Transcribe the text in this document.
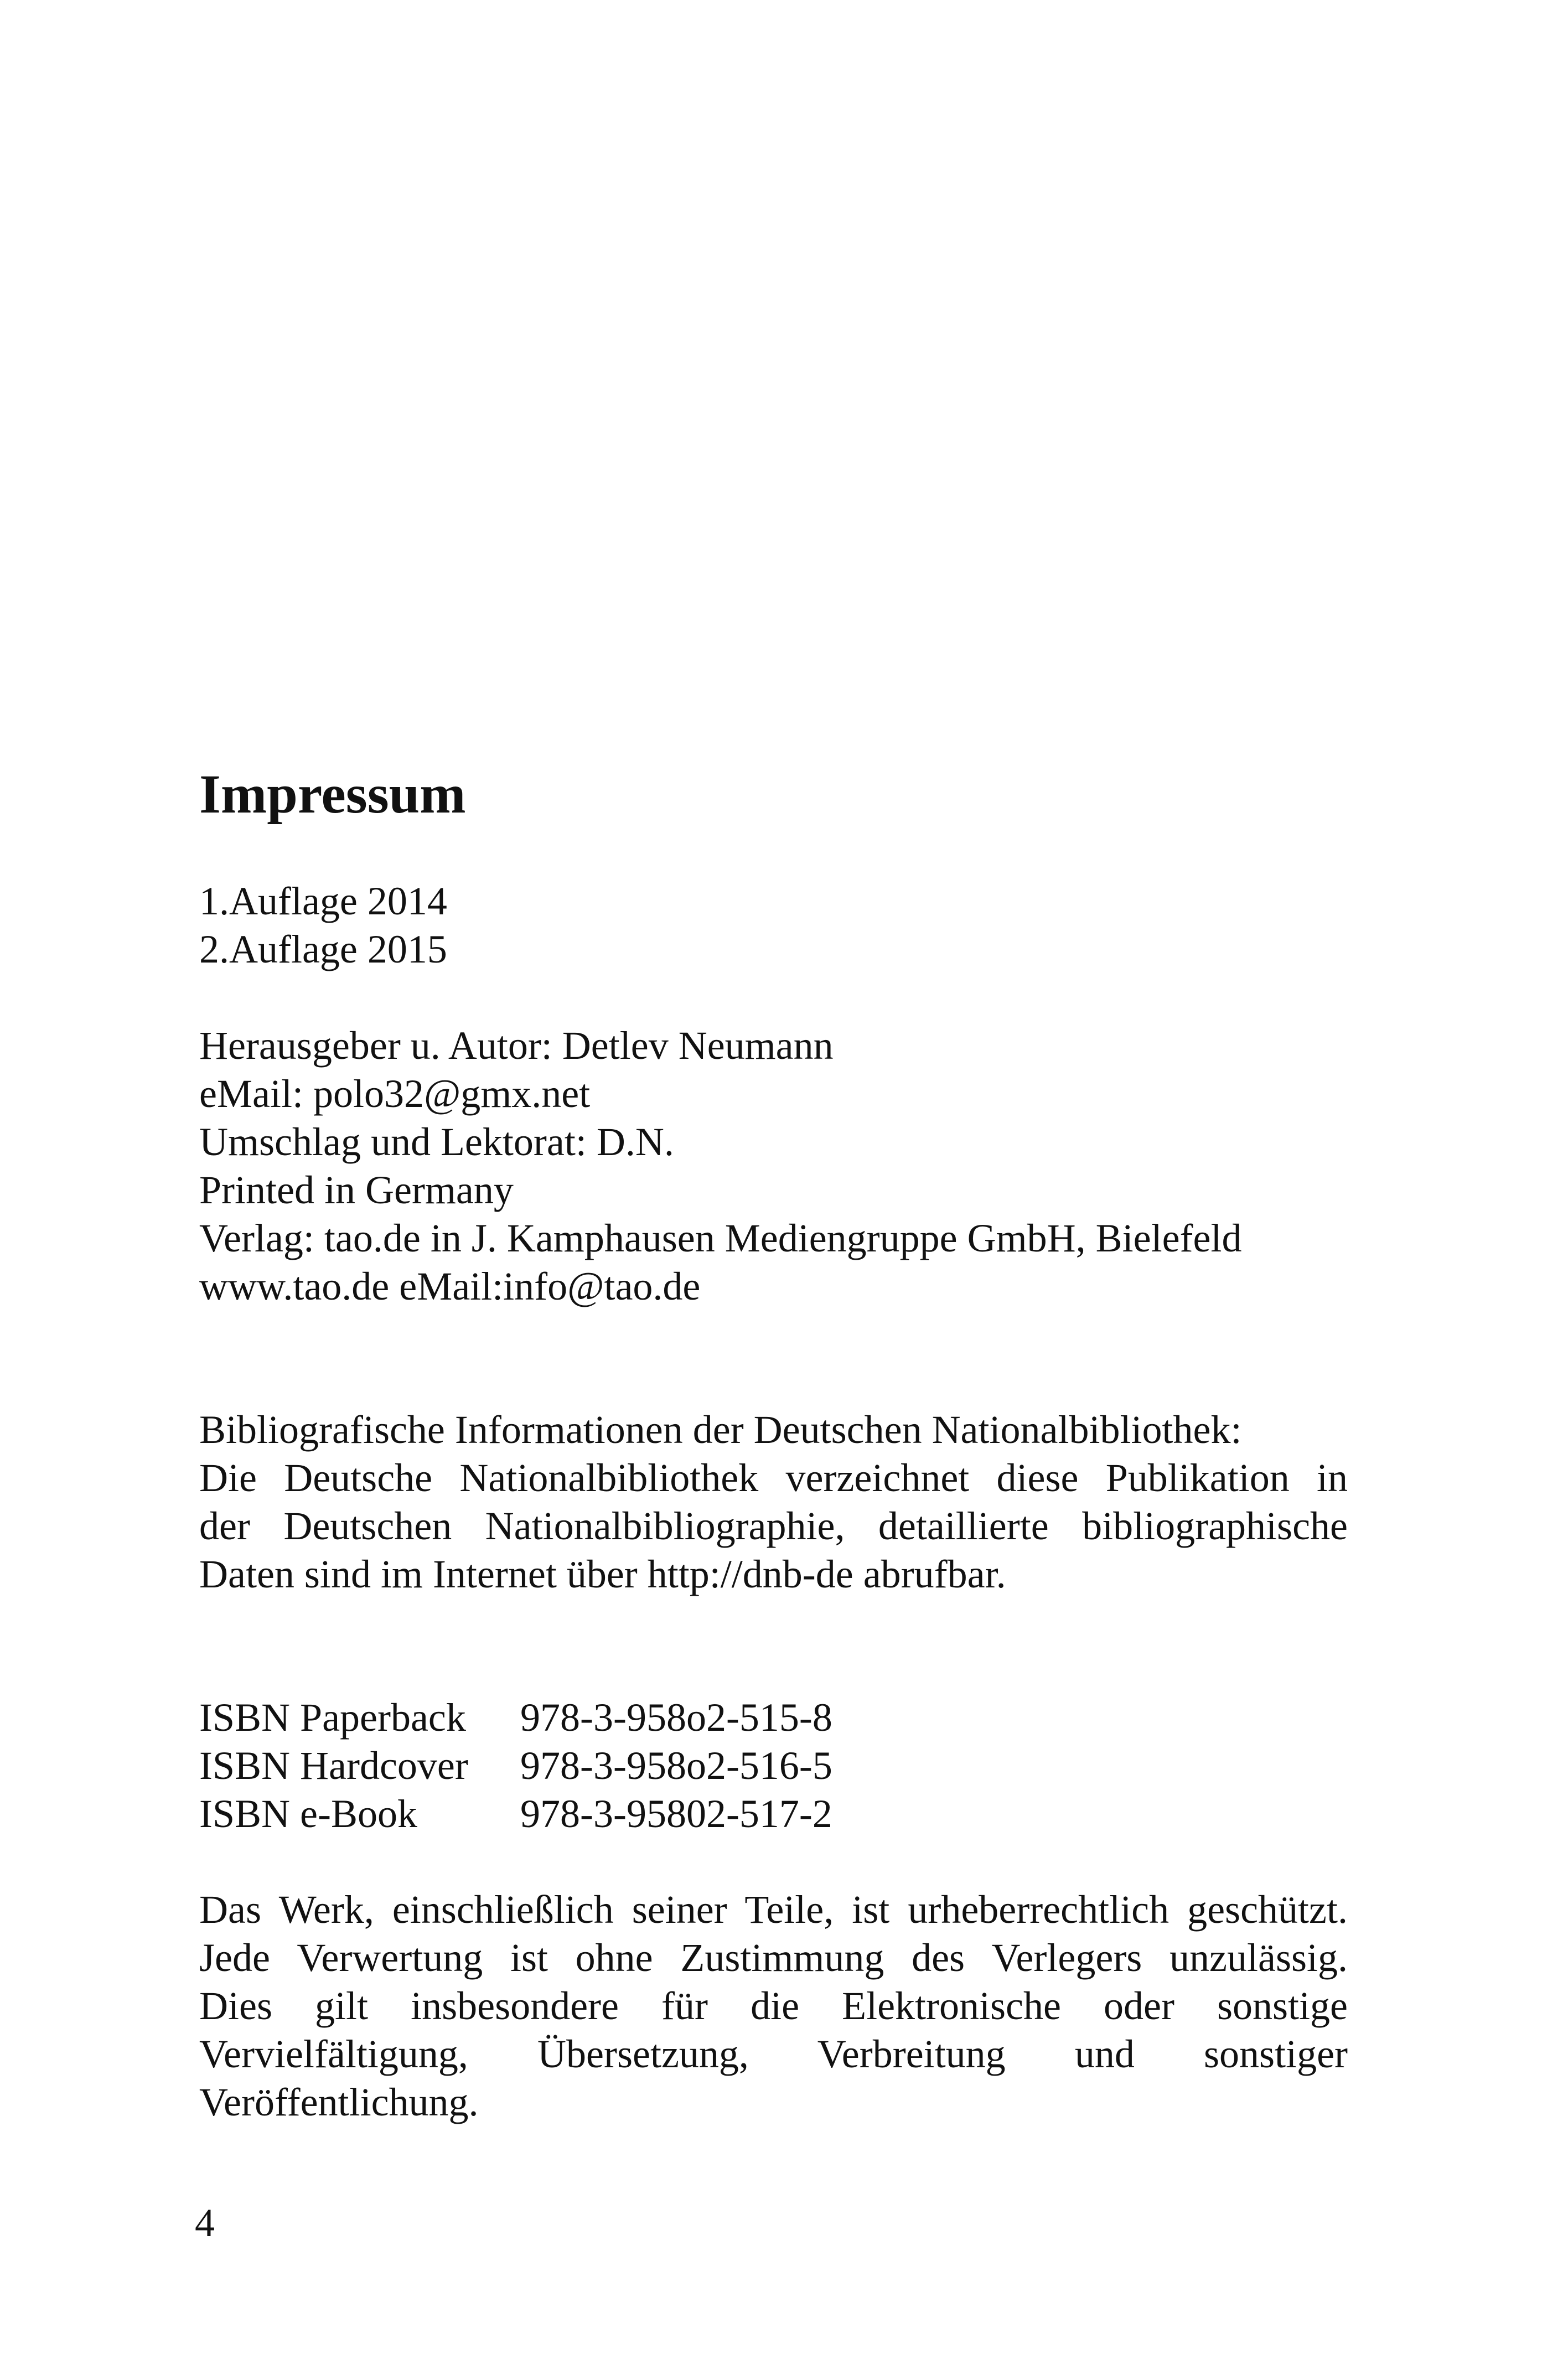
Impressum
1.Auflage 2014
2.Auflage 2015
Herausgeber u. Autor: Detlev Neumann
eMail: polo32@gmx.net
Umschlag und Lektorat: D.N.
Printed in Germany
Verlag: tao.de in J. Kamphausen Mediengruppe GmbH, Bielefeld
www.tao.de eMail:info@tao.de
Bibliografische Informationen der Deutschen Nationalbibliothek:
Die Deutsche Nationalbibliothek verzeichnet diese Publikation in
der Deutschen Nationalbibliographie, detaillierte bibliographische
Daten sind im Internet über http://dnb-de abrufbar.
ISBN Paperback 978-3-958o2-515-8
ISBN Hardcover 978-3-958o2-516-5
ISBN e-Book	978-3-95802-517-2
Das Werk, einschließlich seiner Teile, ist urheberrechtlich geschützt.
Jede Verwertung ist ohne Zustimmung des Verlegers unzulässig.
Dies gilt insbesondere für die Elektronische oder sonstige
Vervielfältigung, Übersetzung, Verbreitung und sonstiger
Veröffentlichung.
4
